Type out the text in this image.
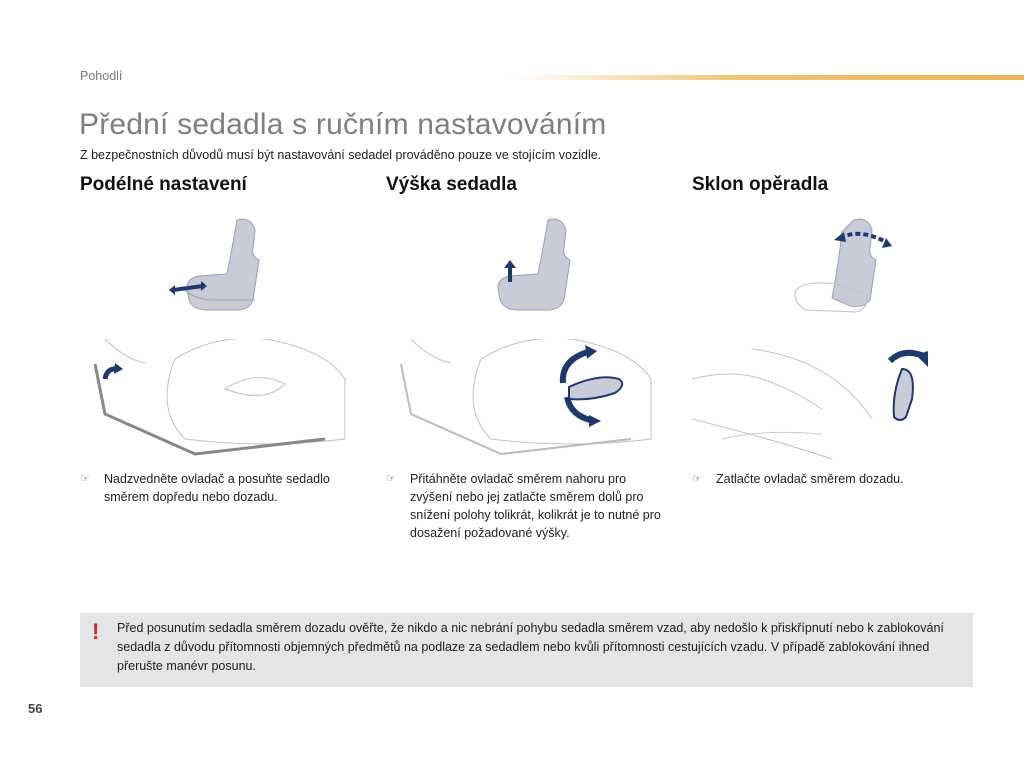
Pohodlí
Přední sedadla s ručním nastavováním
Z bezpečnostních důvodů musí být nastavování sedadel prováděno pouze ve stojícím vozidle.
Podélné nastavení
☞ Nadzvedněte ovladač a posuňte sedadlo směrem dopředu nebo dozadu.
Výška sedadla
☞ Přitáhněte ovladač směrem nahoru pro zvýšení nebo jej zatlačte směrem dolů pro snížení polohy tolikrát, kolikrát je to nutné pro dosažení požadované výšky.
Sklon opěradla
☞ Zatlačte ovladač směrem dozadu.
! Před posunutím sedadla směrem dozadu ověřte, že nikdo a nic nebrání pohybu sedadla směrem vzad, aby nedošlo k přiskřípnutí nebo k zablokování sedadla z důvodu přítomnosti objemných předmětů na podlaze za sedadlem nebo kvůli přítomnosti cestujících vzadu. V případě zablokování ihned přerušte manévr posunu.
56
